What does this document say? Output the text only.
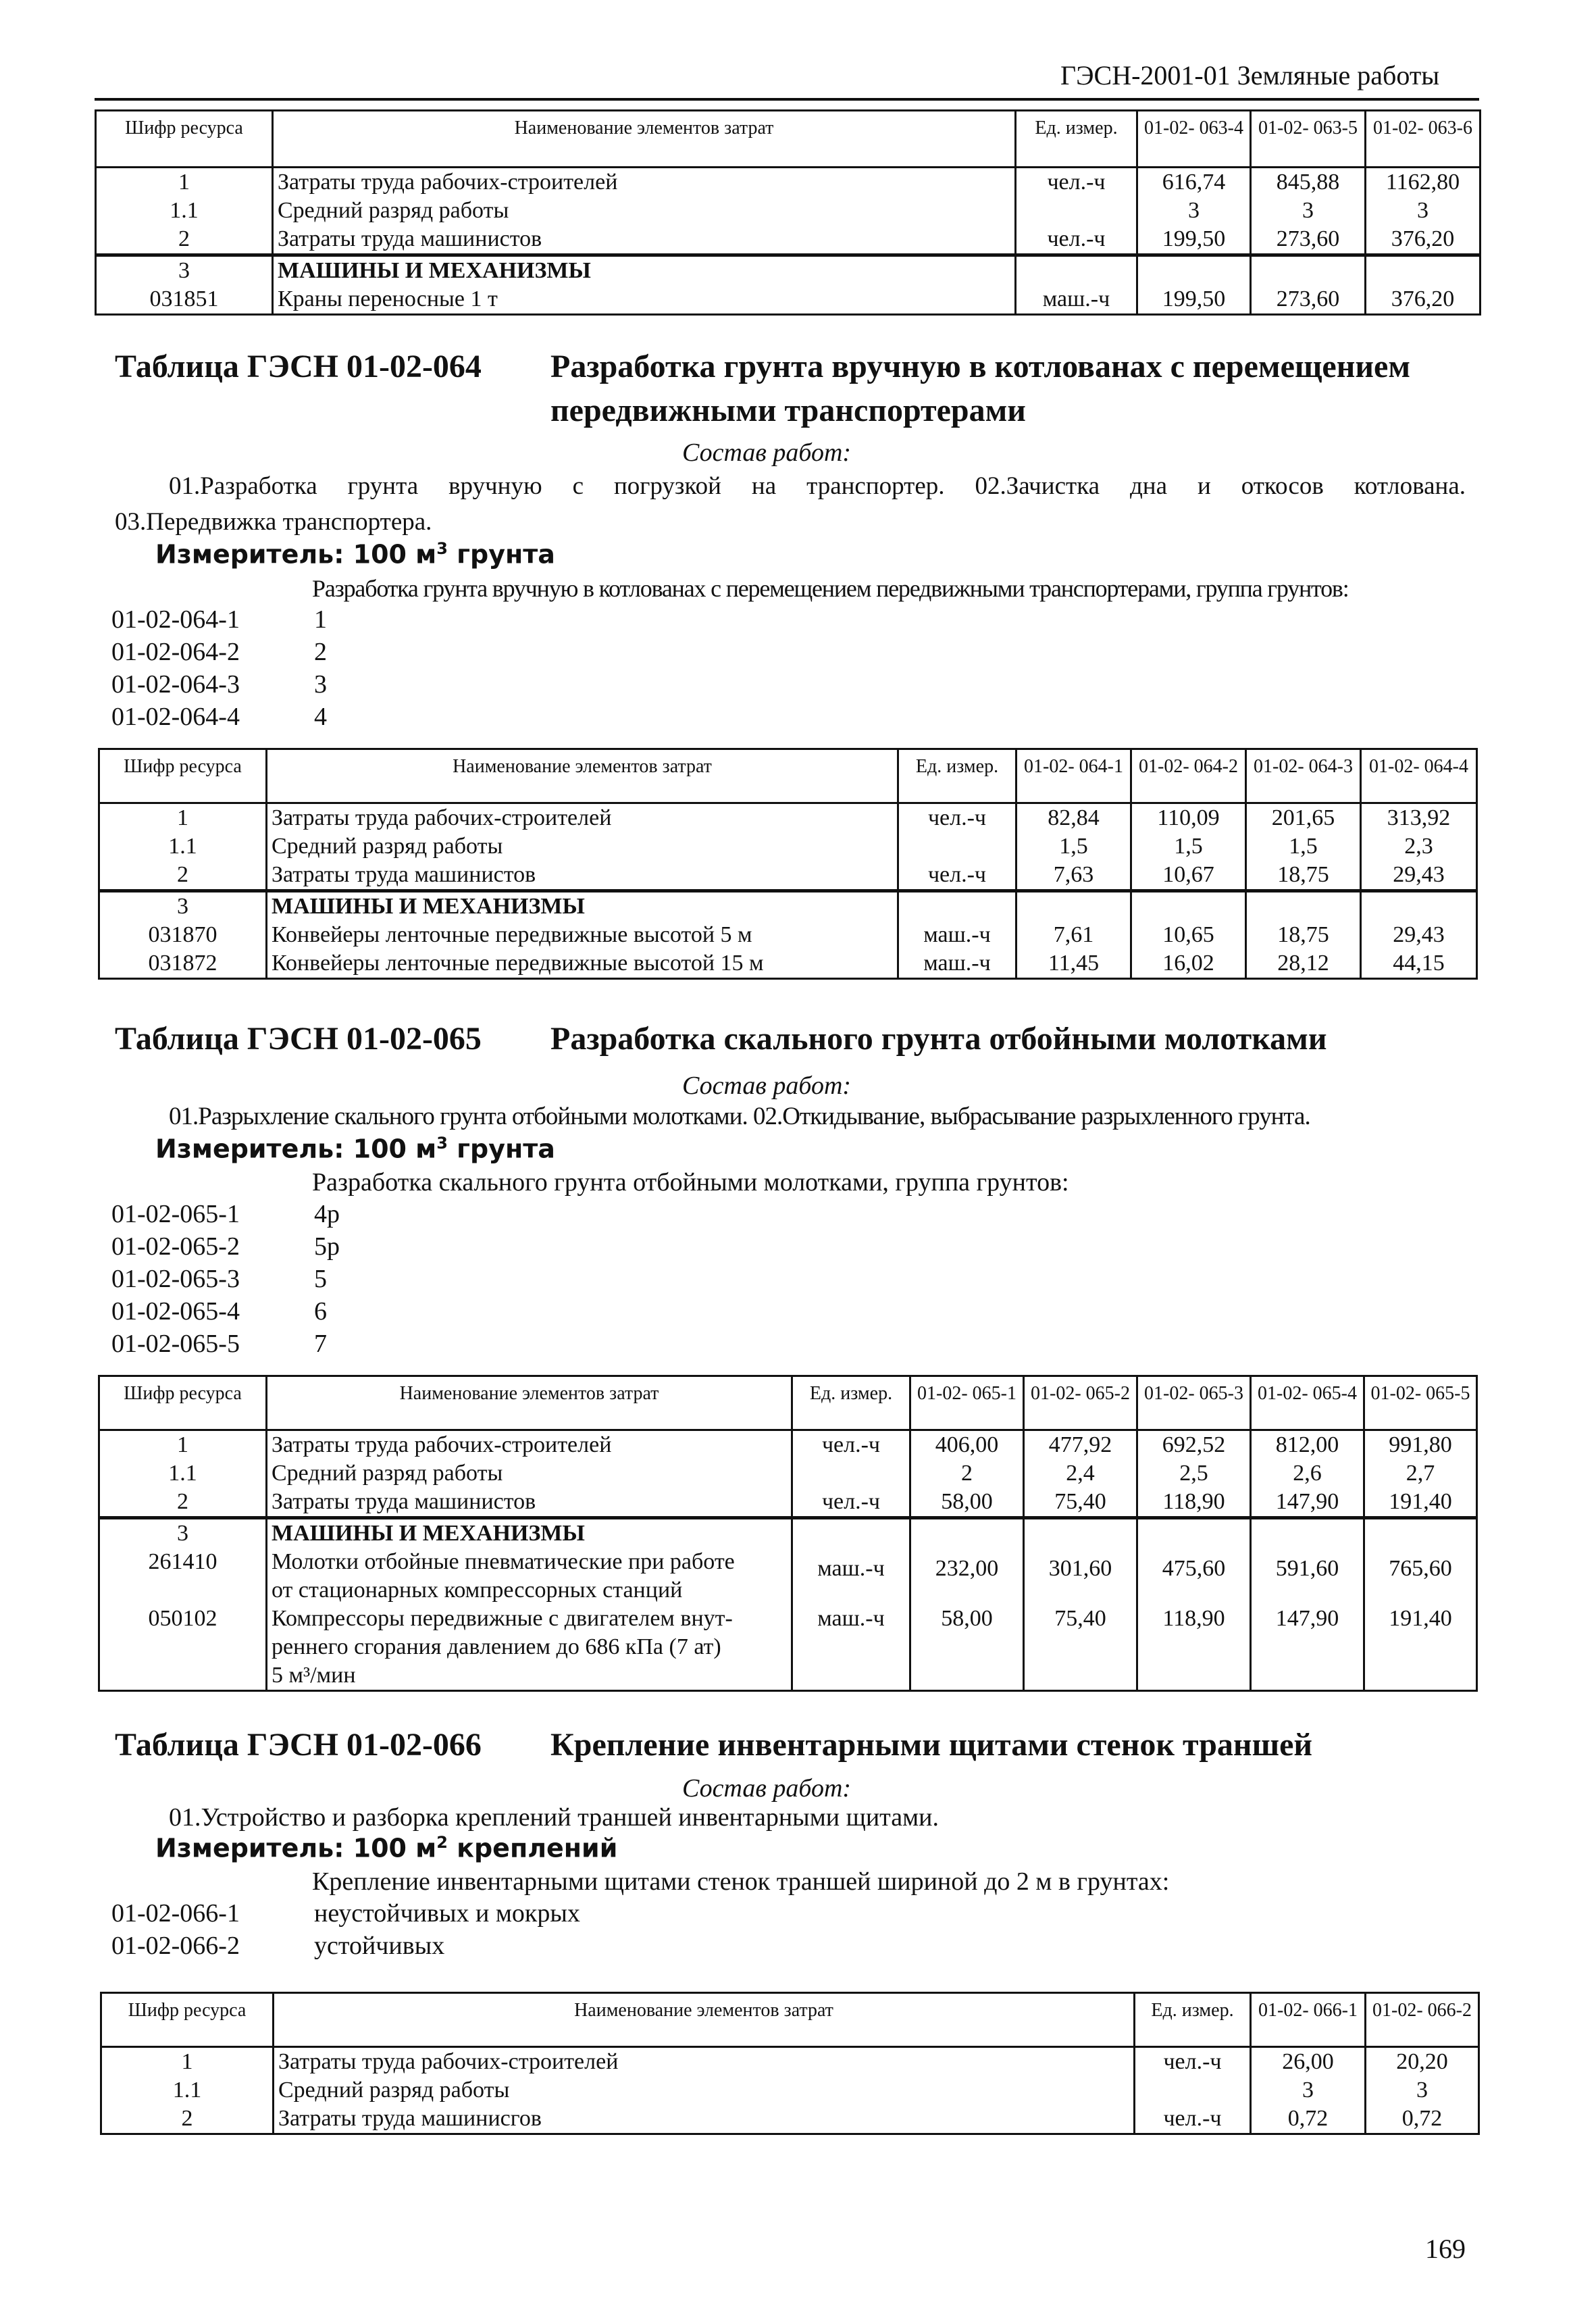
ГЭСН-2001-01 Земляные работы
Шифр ресурса	Наименование элементов затрат	Ед. измер.	01-02- 063-4	01-02- 063-5	01-02- 063-6
1	Затраты труда рабочих-строителей	чел.-ч	616,74	845,88	1162,80
1.1	Средний разряд работы		3	3	3
2	Затраты труда машинистов	чел.-ч	199,50	273,60	376,20
3	МАШИНЫ И МЕХАНИЗМЫ				
031851	Краны переносные 1 т	маш.-ч	199,50	273,60	376,20
Таблица ГЭСН 01-02-064 Разработка грунта вручную в котлованах с перемещением
передвижными транспортерами
Состав работ:
01.Разработка грунта вручную с погрузкой на транспортер. 02.Зачистка дна и откосов котлована.
03.Передвижка транспортера.
Измеритель: 100 $м^3$ грунта
Разработка грунта вручную в котлованах с перемещением передвижными транспортерами, группа грунтов:
01-02-064-1	1
01-02-064-2	2
01-02-064-3	3
01-02-064-4	4
Шифр ресурса	Наименование элементов затрат	Ед. измер.	01-02- 064-1	01-02- 064-2	01-02- 064-3	01-02- 064-4
1	Затраты труда рабочих-строителей	чел.-ч	82,84	110,09	201,65	313,92
1.1	Средний разряд работы		1,5	1,5	1,5	2,3
2	Затраты труда машинистов	чел.-ч	7,63	10,67	18,75	29,43
3	МАШИНЫ И МЕХАНИЗМЫ					
031870	Конвейеры ленточные передвижные высотой 5 м	маш.-ч	7,61	10,65	18,75	29,43
031872	Конвейеры ленточные передвижные высотой 15 м	маш.-ч	11,45	16,02	28,12	44,15
Таблица ГЭСН 01-02-065 Разработка скального грунта отбойными молотками
Состав работ:
01.Разрыхление скального грунта отбойными молотками. 02.Откидывание, выбрасывание разрыхленного грунта.
Измеритель: 100 $м^3$ грунта
Разработка скального грунта отбойными молотками, группа грунтов:
01-02-065-1	4р
01-02-065-2	5р
01-02-065-3	5
01-02-065-4	6
01-02-065-5	7
Шифр ресурса	Наименование элементов затрат	Ед. измер.	01-02- 065-1	01-02- 065-2	01-02- 065-3	01-02- 065-4	01-02- 065-5
1	Затраты труда рабочих-строителей	чел.-ч	406,00	477,92	692,52	812,00	991,80
1.1	Средний разряд работы		2	2,4	2,5	2,6	2,7
2	Затраты труда машинистов	чел.-ч	58,00	75,40	118,90	147,90	191,40
3	МАШИНЫ И МЕХАНИЗМЫ						
261410	Молотки отбойные пневматические при работе
от стационарных компрессорных станций	маш.-ч	232,00	301,60	475,60	591,60	765,60
050102	Компрессоры передвижные с двигателем внут-
реннего сгорания давлением до 686 кПа (7 ат)
5 м³/мин	маш.-ч	58,00	75,40	118,90	147,90	191,40
Таблица ГЭСН 01-02-066 Крепление инвентарными щитами стенок траншей
Состав работ:
01.Устройство и разборка креплений траншей инвентарными щитами.
Измеритель: 100 $м^2$ креплений
Крепление инвентарными щитами стенок траншей шириной до 2 м в грунтах:
01-02-066-1	неустойчивых и мокрых
01-02-066-2	устойчивых
Шифр ресурса	Наименование элементов затрат	Ед. измер.	01-02- 066-1	01-02- 066-2
1	Затраты труда рабочих-строителей	чел.-ч	26,00	20,20
1.1	Средний разряд работы		3	3
2	Затраты труда машинисгов	чел.-ч	0,72	0,72
169
